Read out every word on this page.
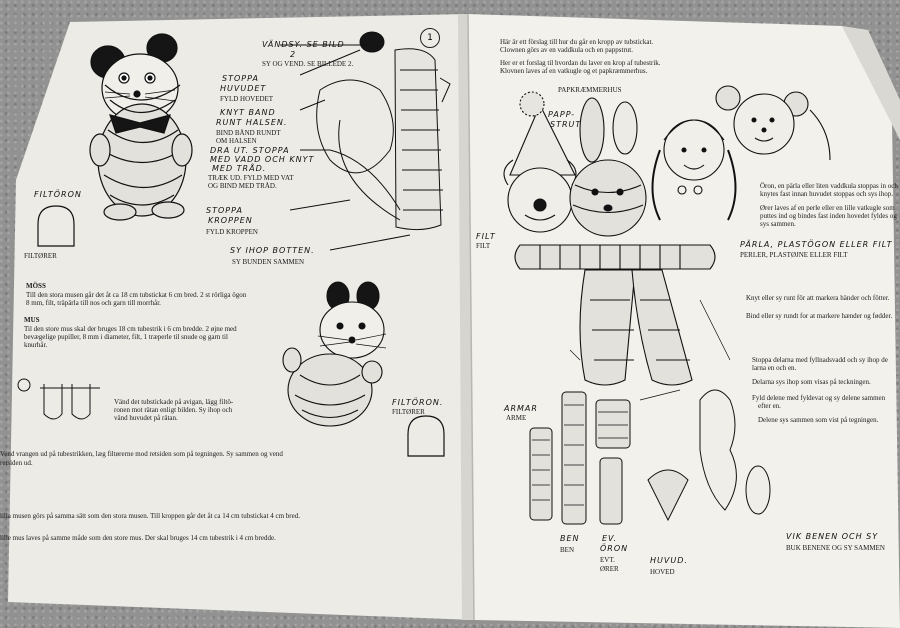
1
VÄNDSY. SE BILD
2
SY OG VEND. SE BILLEDE 2.
STOPPA
HUVUDET
FYLD HOVEDET
KNYT BAND
RUNT HALSEN.
BIND BÅND RUNDT
OM HALSEN
DRA UT. STOPPA
MED VADD OCH KNYT
MED TRÅD.
TRÆK UD. FYLD MED VAT
OG BIND MED TRÅD.
STOPPA
KROPPEN
FYLD KROPPEN
SY IHOP BOTTEN.
SY BUNDEN SAMMEN
FILTÖRON
FILTØRER
FILTÖRON.
FILTØRER
MÖSS
Till den stora musen går det åt ca 18 cm tubstickat 6 cm bred. 2 st rörliga ögon
8 mm, filt, träpärla till nos och garn till morrhår.
MUS
Til den store mus skal der bruges 18 cm tubestrik i 6 cm bredde. 2 øjne med
bevægelige pupiller, 8 mm i diameter, filt, 1 træperle til snude og garn til
knurhår.
Vänd det tubstickade på avigan, lägg filtö-
ronen mot rätan enligt bilden. Sy ihop och
vänd huvudet på rätan.
Vend vrangen ud på tubestrikken, læg filtørerne mod retsiden som på tegningen. Sy sammen og vend
retsiden ud.
lilla musen görs på samma sätt som den stora musen. Till kroppen går det åt ca 14 cm tubstickat 4 cm bred.
lille mus laves på samme måde som den store mus. Der skal bruges 14 cm tubestrik i 4 cm bredde.
Här är ett förslag till hur du går en kropp av tubstickat.
Clownen görs av en vaddkula och en pappstrut.
Her er et forslag til hvordan du laver en krop af tubestrik.
Klovnen laves af en vatkugle og et papkræmmerhus.
PAPKRÆMMERHUS
PAPP-
STRUT
FILT
FILT	PÄRLA, PLASTÖGON ELLER FILT
PERLER, PLASTØJNE ELLER FILT
Öron, en pärla eller liten vaddkula stoppas in och
knytes fast innan huvudet stoppas och sys ihop.
Ører laves af en perle eller en lille vatkugle som
puttes ind og bindes fast inden hovedet fyldes og
sys sammen.
Knyt eller sy runt för att markera händer och fötter.
Bind eller sy rundt for at markere hænder og fødder.
Stoppa delarna med fyllnadsvadd och sy ihop de
larna en och en.
Delarna sys ihop som visas på teckningen.
Fyld delene med fyldevat og sy delene sammen
efter en.
Delene sys sammen som vist på tegningen.
ARMAR
ARME
BEN
BEN
EV.
ÖRON
EVT.
ØRER
HUVUD.
HOVED
VIK BENEN OCH SY
BUK BENENE OG SY SAMMEN
